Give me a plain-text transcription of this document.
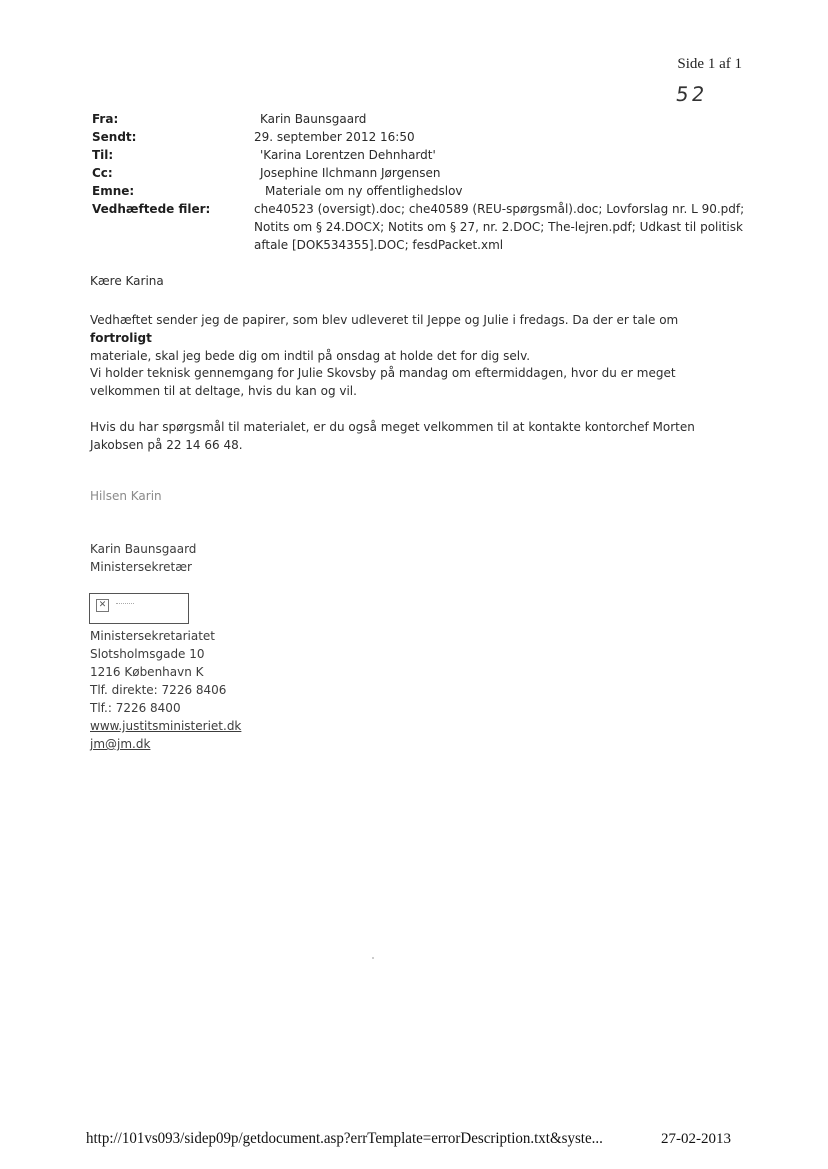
Side 1 af 1
52
Fra:	Karin Baunsgaard
Sendt:	29. september 2012 16:50
Til:	'Karina Lorentzen Dehnhardt'
Cc:	Josephine Ilchmann Jørgensen
Emne:	Materiale om ny offentlighedslov
Vedhæftede filer:	che40523 (oversigt).doc; che40589 (REU-spørgsmål).doc; Lovforslag nr. L 90.pdf;
Notits om § 24.DOCX; Notits om § 27, nr. 2.DOC; The-lejren.pdf; Udkast til politisk
aftale [DOK534355].DOC; fesdPacket.xml
Kære Karina
Vedhæftet sender jeg de papirer, som blev udleveret til Jeppe og Julie i fredags. Da der er tale om fortroligt
materiale, skal jeg bede dig om indtil på onsdag at holde det for dig selv.
Vi holder teknisk gennemgang for Julie Skovsby på mandag om eftermiddagen, hvor du er meget
velkommen til at deltage, hvis du kan og vil.
Hvis du har spørgsmål til materialet, er du også meget velkommen til at kontakte kontorchef Morten
Jakobsen på 22 14 66 48.
Hilsen Karin
Karin Baunsgaard
Ministersekretær
✕
Ministersekretariatet
Slotsholmsgade 10
1216 København K
Tlf. direkte: 7226 8406
Tlf.: 7226 8400
www.justitsministeriet.dk
jm@jm.dk
http://101vs093/sidep09p/getdocument.asp?errTemplate=errorDescription.txt&syste...	27-02-2013
